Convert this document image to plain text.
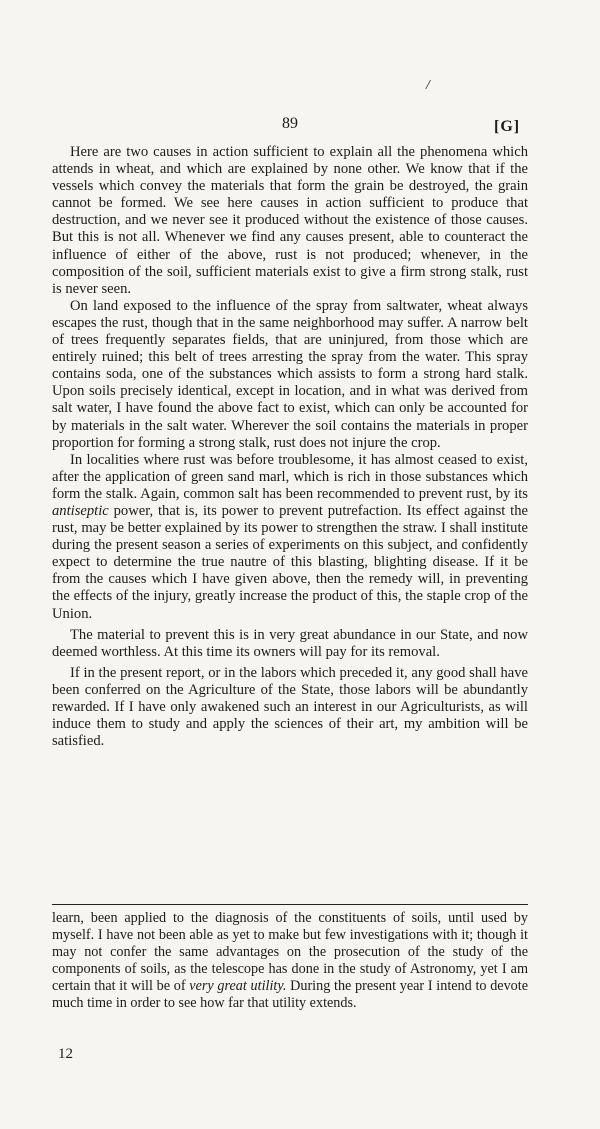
/
89	[G]

Here are two causes in action sufficient to explain all the phenomena which attends in wheat, and which are explained by none other. We know that if the vessels which convey the materials that form the grain be destroyed, the grain cannot be formed. We see here causes in action sufficient to produce that destruction, and we never see it produced without the existence of those causes. But this is not all. Whenever we find any causes present, able to counteract the influence of either of the above, rust is not produced; whenever, in the composition of the soil, sufficient materials exist to give a firm strong stalk, rust is never seen.

On land exposed to the influence of the spray from saltwater, wheat always escapes the rust, though that in the same neighborhood may suffer. A narrow belt of trees frequently separates fields, that are uninjured, from those which are entirely ruined; this belt of trees arresting the spray from the water. This spray contains soda, one of the substances which assists to form a strong hard stalk. Upon soils precisely identical, except in location, and in what was derived from salt water, I have found the above fact to exist, which can only be accounted for by materials in the salt water. Wherever the soil contains the materials in proper proportion for forming a strong stalk, rust does not injure the crop.

In localities where rust was before troublesome, it has almost ceased to exist, after the application of green sand marl, which is rich in those substances which form the stalk. Again, common salt has been recommended to prevent rust, by its antiseptic power, that is, its power to prevent putrefaction. Its effect against the rust, may be better explained by its power to strengthen the straw. I shall institute during the present season a series of experiments on this subject, and confidently expect to determine the true nautre of this blasting, blighting disease. If it be from the causes which I have given above, then the remedy will, in preventing the effects of the injury, greatly increase the product of this, the staple crop of the Union.

The material to prevent this is in very great abundance in our State, and now deemed worthless. At this time its owners will pay for its removal.

If in the present report, or in the labors which preceded it, any good shall have been conferred on the Agriculture of the State, those labors will be abundantly rewarded. If I have only awakened such an interest in our Agriculturists, as will induce them to study and apply the sciences of their art, my ambition will be satisfied.

learn, been applied to the diagnosis of the constituents of soils, until used by myself. I have not been able as yet to make but few investigations with it; though it may not confer the same advantages on the prosecution of the study of the components of soils, as the telescope has done in the study of Astronomy, yet I am certain that it will be of very great utility. During the present year I intend to devote much time in order to see how far that utility extends.

12
